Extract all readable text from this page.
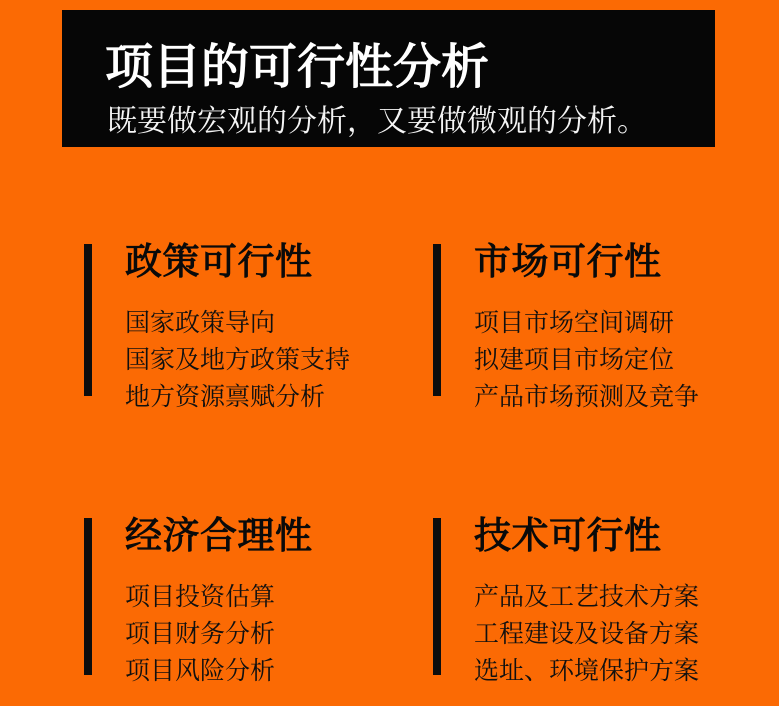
项目的可行性分析

既要做宏观的分析，又要做微观的分析。

政策可行性
国家政策导向
国家及地方政策支持
地方资源禀赋分析
市场可行性
项目市场空间调研
拟建项目市场定位
产品市场预测及竞争
经济合理性
项目投资估算
项目财务分析
项目风险分析
技术可行性
产品及工艺技术方案
工程建设及设备方案
选址、环境保护方案
